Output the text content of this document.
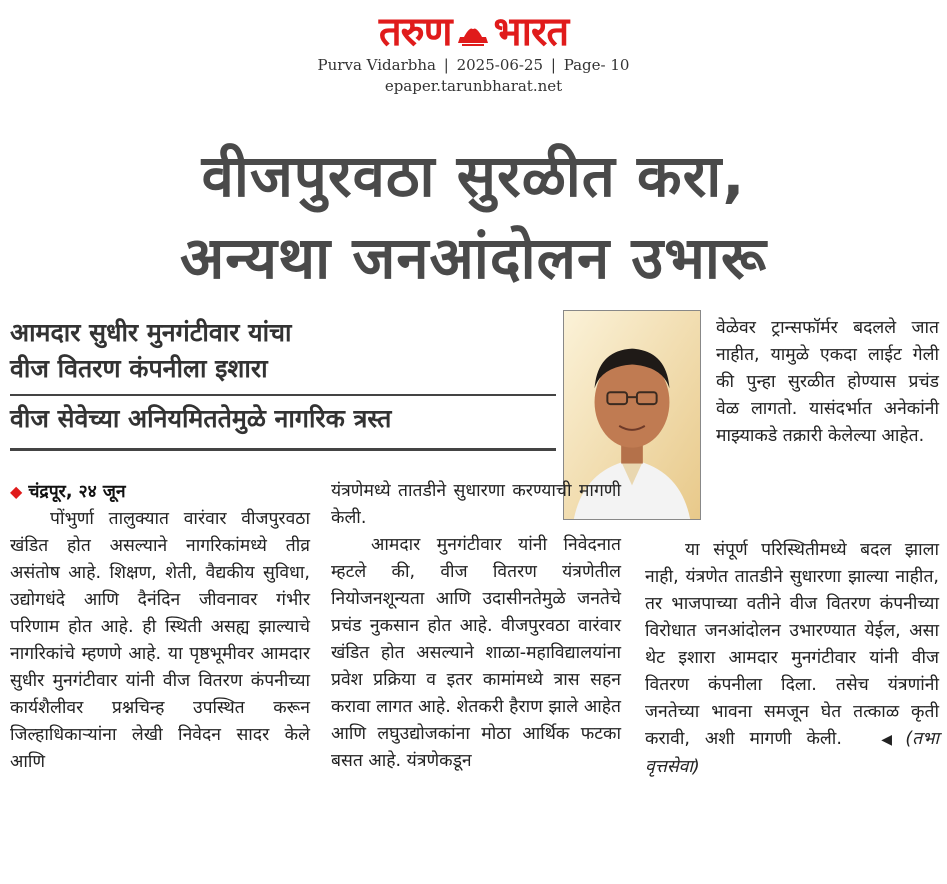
तरुण भारत
Purva Vidarbha | 2025-06-25 | Page- 10
epaper.tarunbharat.net
वीजपुरवठा सुरळीत करा,
अन्यथा जनआंदोलन उभारू
आमदार सुधीर मुनगंटीवार यांचा
वीज वितरण कंपनीला इशारा
वीज सेवेच्या अनियमिततेमुळे नागरिक त्रस्त

◆ चंद्रपूर, २४ जून

पोंभुर्णा तालुक्यात वारंवार वीजपुरवठा खंडित होत असल्याने नागरिकांमध्ये तीव्र असंतोष आहे. शिक्षण, शेती, वैद्यकीय सुविधा, उद्योगधंदे आणि दैनंदिन जीवनावर गंभीर परिणाम होत आहे. ही स्थिती असह्य झाल्याचे नागरिकांचे म्हणणे आहे. या पृष्ठभूमीवर आमदार सुधीर मुनगंटीवार यांनी वीज वितरण कंपनीच्या कार्यशैलीवर प्रश्नचिन्ह उपस्थित करून जिल्हाधिकाऱ्यांना लेखी निवेदन सादर केले आणि

यंत्रणेमध्ये तातडीने सुधारणा करण्याची मागणी केली.

आमदार मुनगंटीवार यांनी निवेदनात म्हटले की, वीज वितरण यंत्रणेतील नियोजनशून्यता आणि उदासीनतेमुळे जनतेचे प्रचंड नुकसान होत आहे. वीजपुरवठा वारंवार खंडित होत असल्याने शाळा-महाविद्यालयांना प्रवेश प्रक्रिया व इतर कामांमध्ये त्रास सहन करावा लागत आहे. शेतकरी हैराण झाले आहेत आणि लघुउद्योजकांना मोठा आर्थिक फटका बसत आहे. यंत्रणेकडून

वेळेवर ट्रान्सफॉर्मर बदलले जात नाहीत, यामुळे एकदा लाईट गेली की पुन्हा सुरळीत होण्यास प्रचंड वेळ लागतो. यासंदर्भात अनेकांनी माझ्याकडे तक्रारी केलेल्या आहेत.

या संपूर्ण परिस्थितीमध्ये बदल झाला नाही, यंत्रणेत तातडीने सुधारणा झाल्या नाहीत, तर भाजपाच्या वतीने वीज वितरण कंपनीच्या विरोधात जनआंदोलन उभारण्यात येईल, असा थेट इशारा आमदार मुनगंटीवार यांनी वीज वितरण कंपनीला दिला. तसेच यंत्रणांनी जनतेच्या भावना समजून घेत तत्काळ कृती करावी, अशी मागणी केली. ◀ (तभा वृत्तसेवा)
